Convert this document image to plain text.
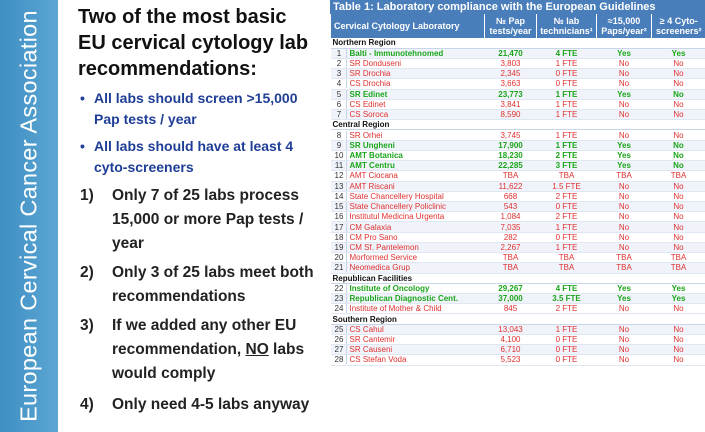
European Cervical Cancer Association Two of the most basic EU cervical cytology lab recommendations:
• All labs should screen >15,000 Pap tests / year
• All labs should have at least 4 cyto-screeners
1) Only 7 of 25 labs process 15,000 or more Pap tests / year
2) Only 3 of 25 labs meet both recommendations
3) If we added any other EU recommendation, NO labs would comply
4) Only need 4-5 labs anyway
Table 1: Laboratory compliance with the European Guidelines
Cervical Cytology Laboratory	№ Pap tests/year	№ lab technicians¹	≈15,000 Paps/year²	≥ 4 Cyto-screeners²
Northern Region				
1 Balti - Immunotehnomed	21,470	4 FTE	Yes	Yes
2 SR Donduseni	3,803	1 FTE	No	No
3 SR Drochia	2,345	0 FTE	No	No
4 CS Drochia	3,663	0 FTE	No	No
5 SR Edinet	23,773	1 FTE	Yes	No
6 CS Edinet	3,841	1 FTE	No	No
7 CS Soroca	8,590	1 FTE	No	No
Central Region				
8 SR Orhei	3,745	1 FTE	No	No
9 SR Ungheni	17,900	1 FTE	Yes	No
10 AMT Botanica	18,230	2 FTE	Yes	No
11 AMT Centru	22,285	3 FTE	Yes	No
12 AMT Ciocana	TBA	TBA	TBA	TBA
13 AMT Riscani	11,622	1.5 FTE	No	No
14 State Chancellery Hospital	668	2 FTE	No	No
15 State Chancellery Policlinic	543	0 FTE	No	No
16 Institutul Medicina Urgenta	1,084	2 FTE	No	No
17 CM Galaxia	7,035	1 FTE	No	No
18 CM Pro Sano	282	0 FTE	No	No
19 CM Sf. Pantelemon	2,267	1 FTE	No	No
20 Morformed Service	TBA	TBA	TBA	TBA
21 Neomedica Grup	TBA	TBA	TBA	TBA
Republican Facilities				
22 Institute of Oncology	29,267	4 FTE	Yes	Yes
23 Republican Diagnostic Cent.	37,000	3.5 FTE	Yes	Yes
24 Institute of Mother & Child	845	2 FTE	No	No
Southern Region				
25 CS Cahul	13,043	1 FTE	No	No
26 SR Cantemir	4,100	0 FTE	No	No
27 SR Causeni	6,710	0 FTE	No	No
28 CS Stefan Voda	5,523	0 FTE	No	No
